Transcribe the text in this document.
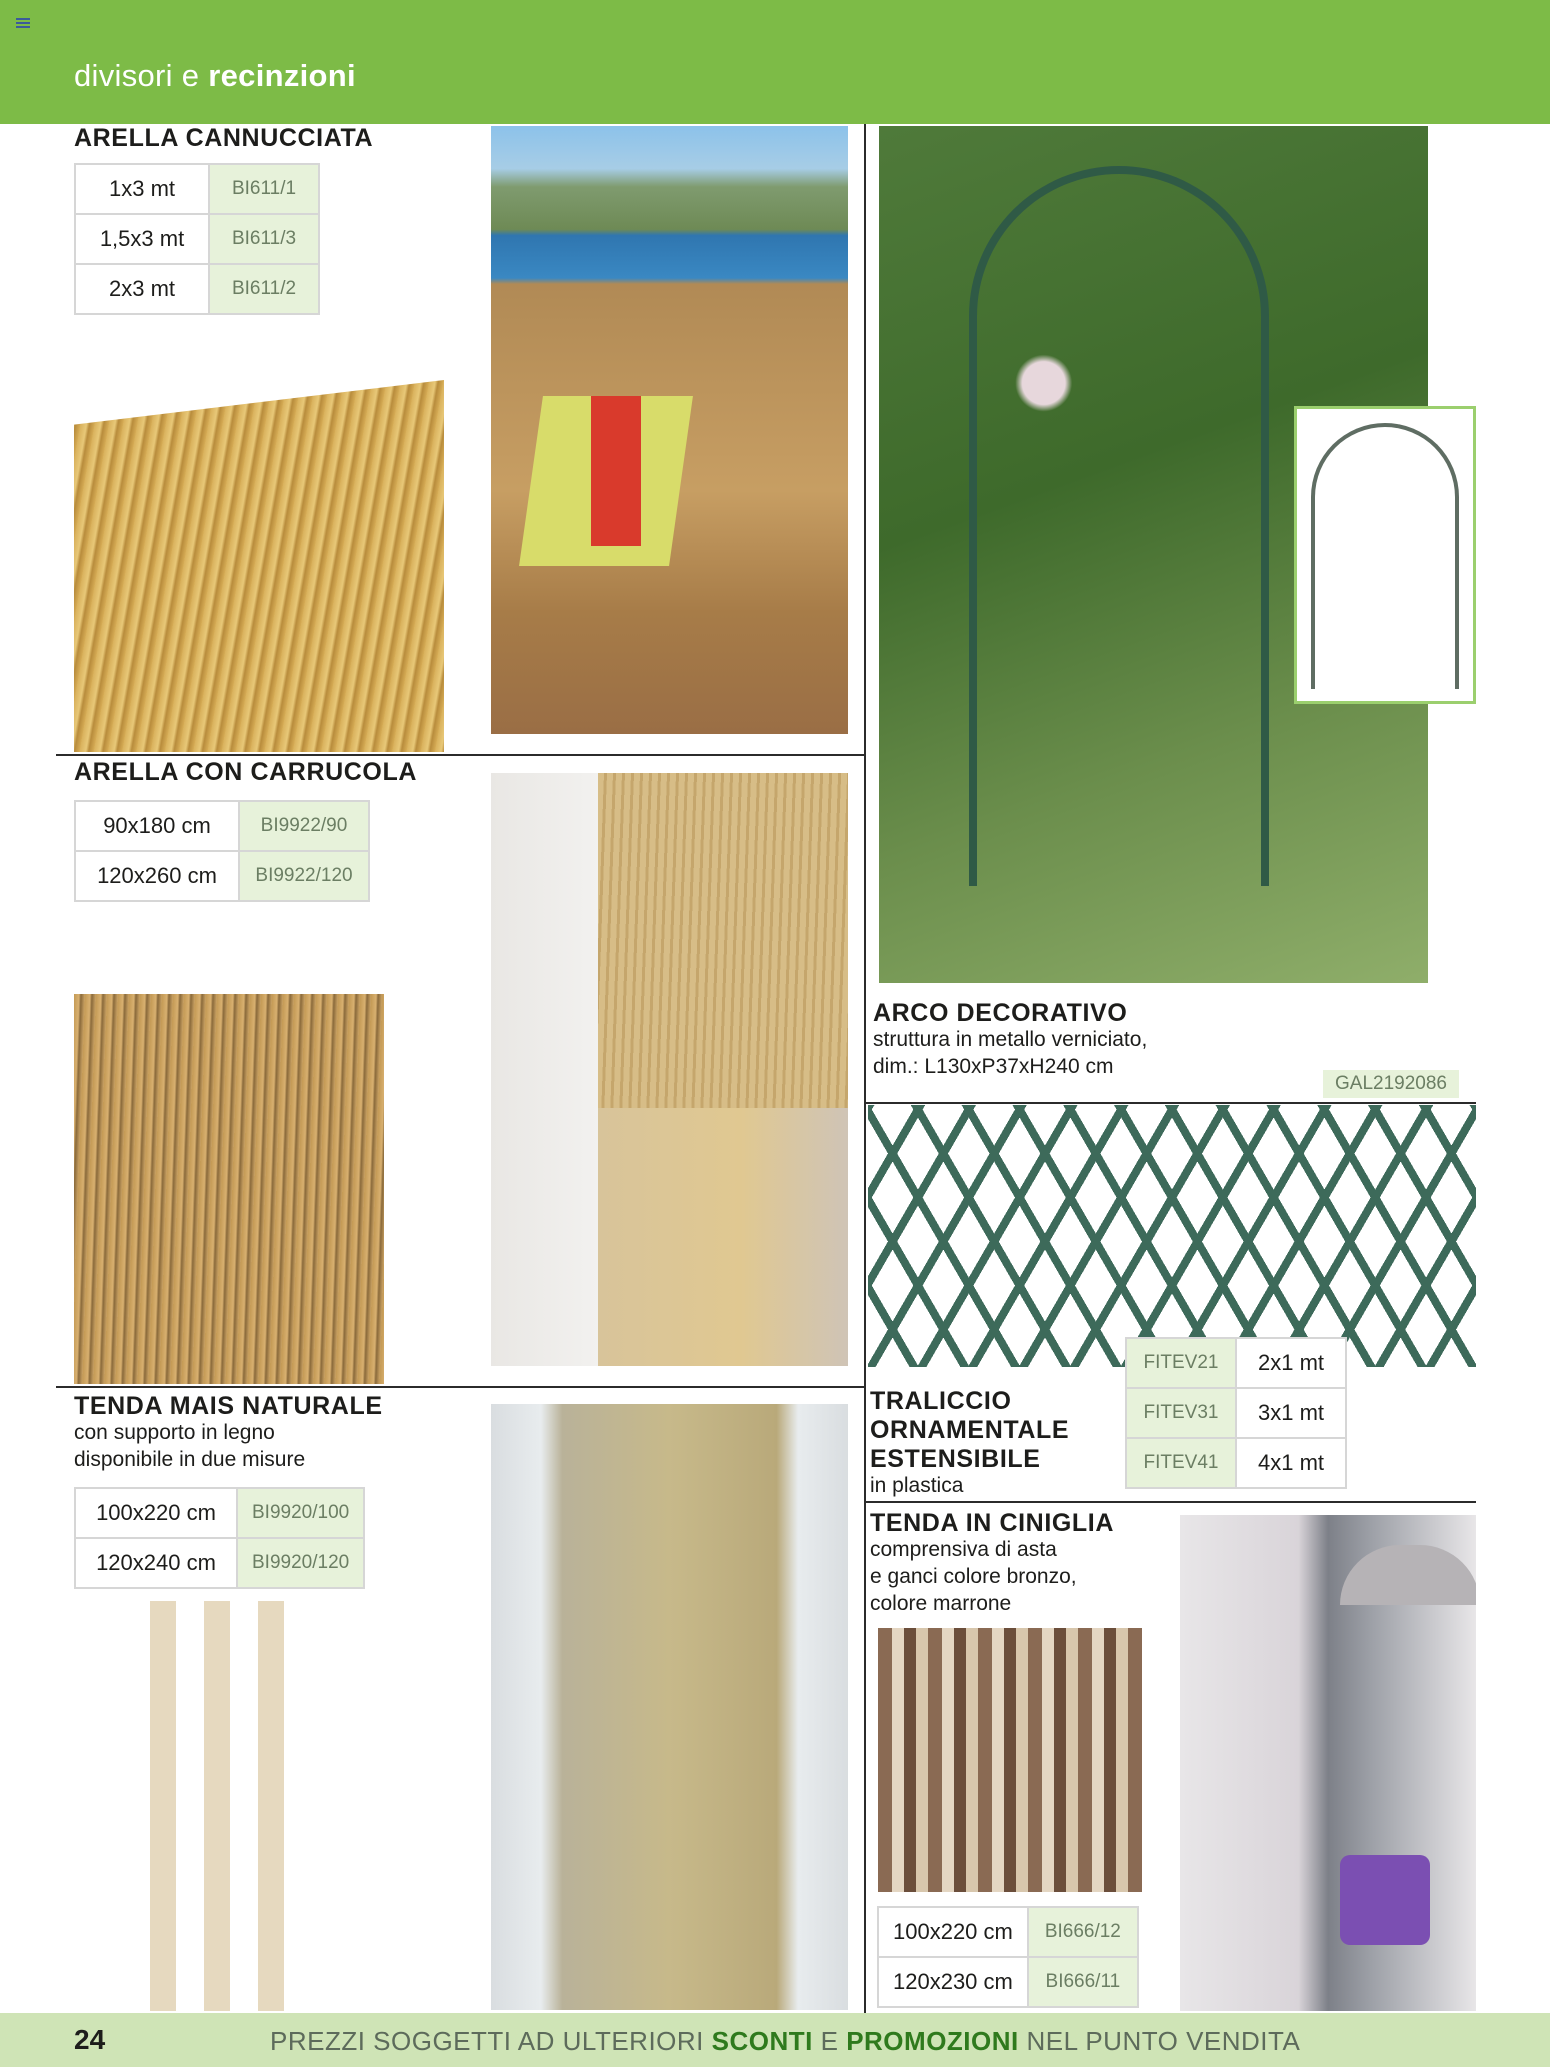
divisori e recinzioni
ARELLA CANNUCCIATA
1x3 mt	BI611/1
1,5x3 mt	BI611/3
2x3 mt	BI611/2
ARELLA CON CARRUCOLA
90x180 cm	BI9922/90
120x260 cm	BI9922/120
TENDA MAIS NATURALE
con supporto in legno
disponibile in due misure
100x220 cm	BI9920/100
120x240 cm	BI9920/120
ARCO DECORATIVO
struttura in metallo verniciato,
dim.: L130xP37xH240 cm
GAL2192086
FITEV21	2x1 mt
FITEV31	3x1 mt
FITEV41	4x1 mt
TRALICCIO
ORNAMENTALE
ESTENSIBILE
in plastica
TENDA IN CINIGLIA
comprensiva di asta
e ganci colore bronzo,
colore marrone
100x220 cm	BI666/12
120x230 cm	BI666/11
24	PREZZI SOGGETTI AD ULTERIORI SCONTI E PROMOZIONI NEL PUNTO VENDITA
